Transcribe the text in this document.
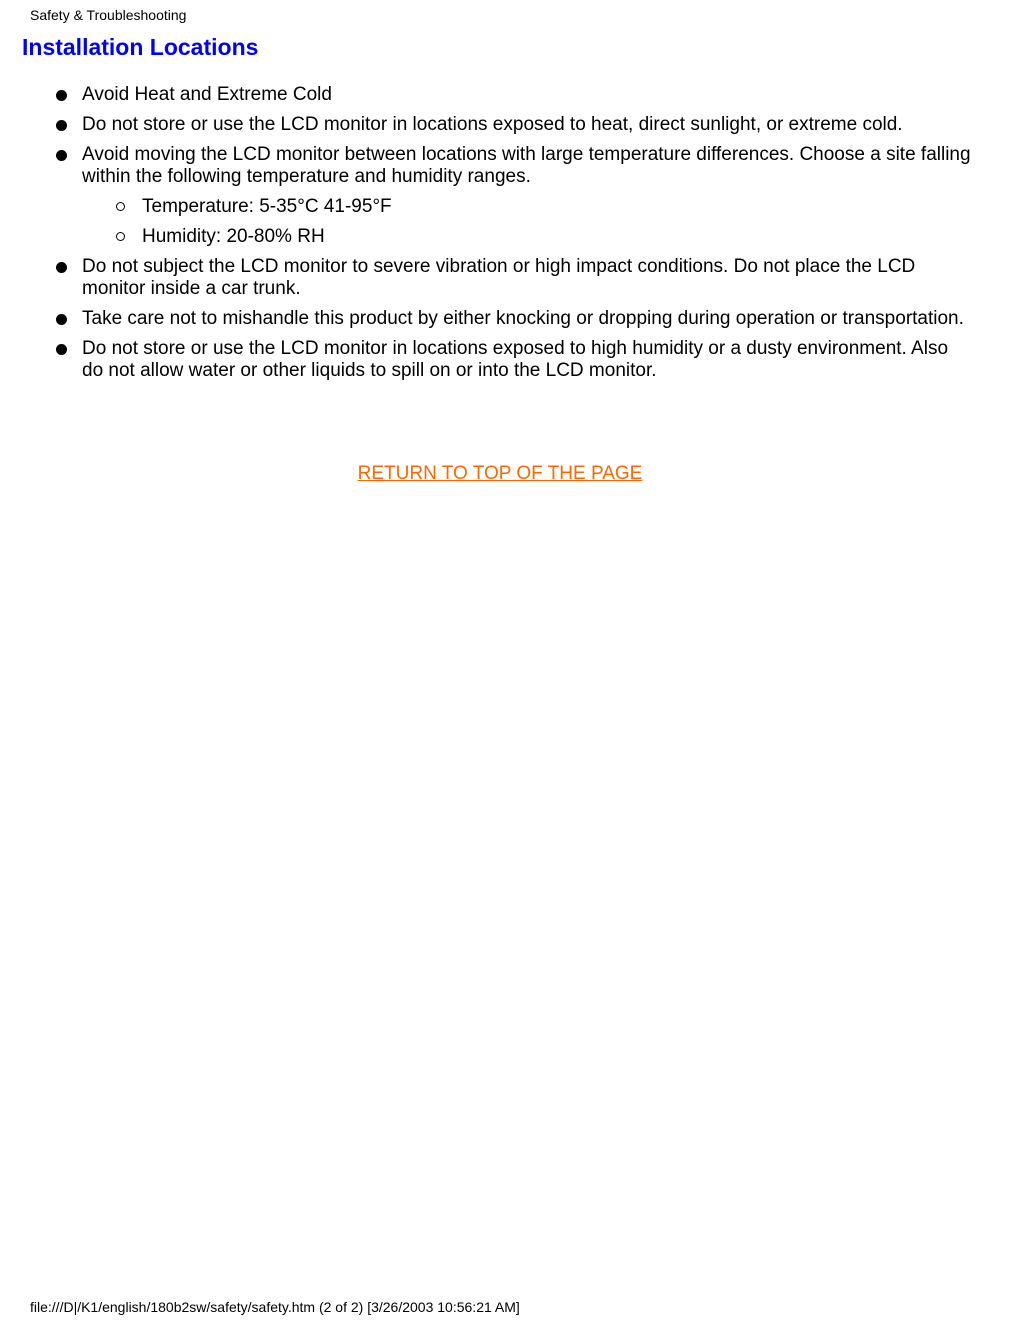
Safety & Troubleshooting
Installation Locations
Avoid Heat and Extreme Cold
Do not store or use the LCD monitor in locations exposed to heat, direct sunlight, or extreme cold.
Avoid moving the LCD monitor between locations with large temperature differences. Choose a site falling within the following temperature and humidity ranges.
Temperature: 5-35°C 41-95°F
Humidity: 20-80% RH
Do not subject the LCD monitor to severe vibration or high impact conditions. Do not place the LCD monitor inside a car trunk.
Take care not to mishandle this product by either knocking or dropping during operation or transportation.
Do not store or use the LCD monitor in locations exposed to high humidity or a dusty environment. Also do not allow water or other liquids to spill on or into the LCD monitor.
RETURN TO TOP OF THE PAGE
file:///D|/K1/english/180b2sw/safety/safety.htm (2 of 2) [3/26/2003 10:56:21 AM]
